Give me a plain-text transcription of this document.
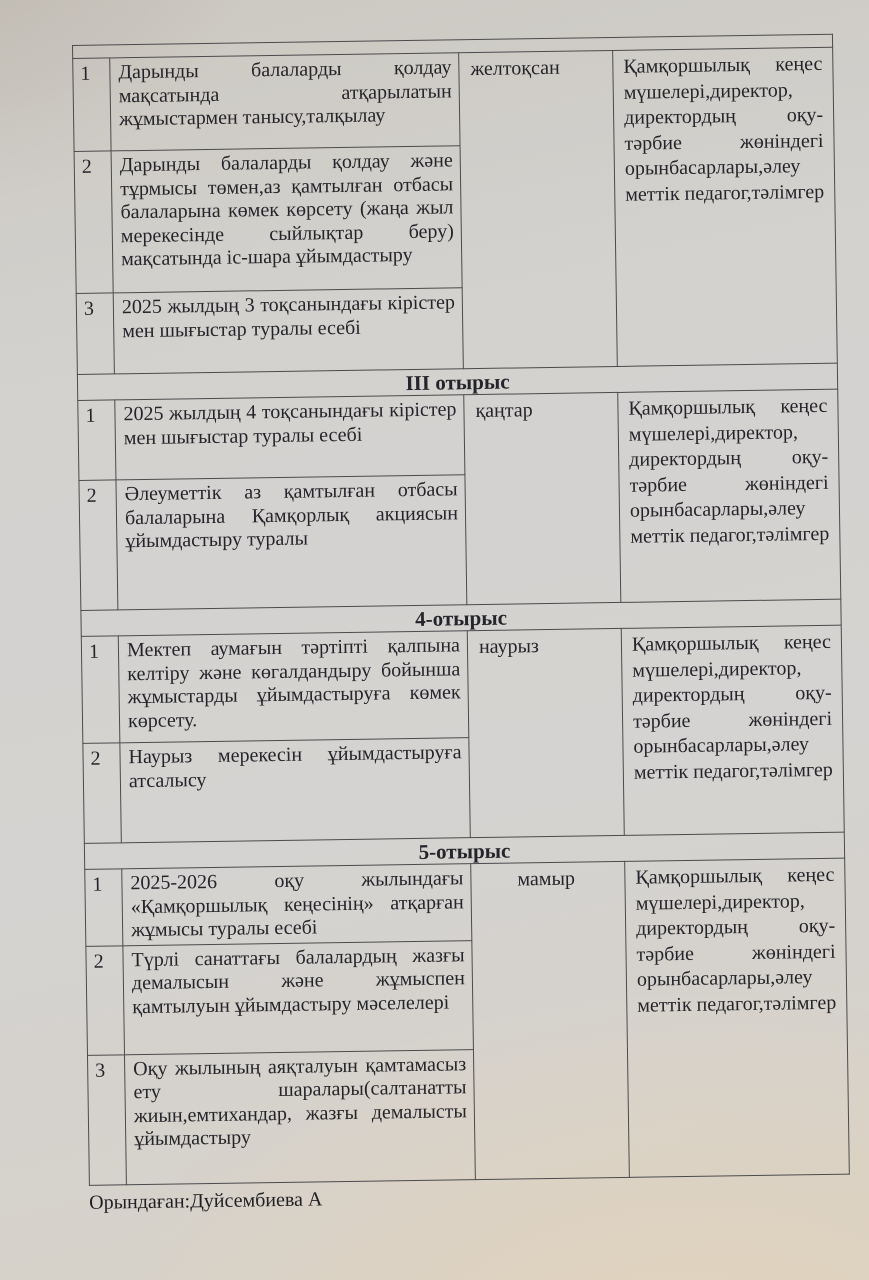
1	Дарынды балаларды қолдау мақсатында атқарылатын жұмыстармен танысу,талқылау	желтоқсан	Қамқоршылық кеңес мүшелері,директор, директордың оқу-тәрбие жөніндегі орынбасарлары,әлеу меттік педагог,тәлімгер
2	Дарынды балаларды қолдау және тұрмысы төмен,аз қамтылған отбасы балаларына көмек көрсету (жаңа жыл мерекесінде сыйлықтар беру) мақсатында іс-шара ұйымдастыру		
3	2025 жылдың 3 тоқсанындағы кірістер мен шығыстар туралы есебі		
III отырыс			
1	2025 жылдың 4 тоқсанындағы кірістер мен шығыстар туралы есебі	қаңтар	Қамқоршылық кеңес мүшелері,директор, директордың оқу-тәрбие жөніндегі орынбасарлары,әлеу меттік педагог,тәлімгер
2	Әлеуметтік аз қамтылған отбасы балаларына Қамқорлық акциясын ұйымдастыру туралы		
4-отырыс			
1	Мектеп аумағын тәртіпті қалпына келтіру және көгалдандыру бойынша жұмыстарды ұйымдастыруға көмек көрсету.	наурыз	Қамқоршылық кеңес мүшелері,директор, директордың оқу-тәрбие жөніндегі орынбасарлары,әлеу меттік педагог,тәлімгер
2	Наурыз мерекесін ұйымдастыруға атсалысу		
5-отырыс			
1	2025-2026 оқу жылындағы «Қамқоршылық кеңесінің» атқарған жұмысы туралы есебі	мамыр	Қамқоршылық кеңес мүшелері,директор, директордың оқу-тәрбие жөніндегі орынбасарлары,әлеу меттік педагог,тәлімгер
2	Түрлі санаттағы балалардың жазғы демалысын және жұмыспен қамтылуын ұйымдастыру мәселелері		
3	Оқу жылының аяқталуын қамтамасыз ету шаралары(салтанатты жиын,емтихандар, жазғы демалысты ұйымдастыру		
Орындаған:Дуйсембиева А
